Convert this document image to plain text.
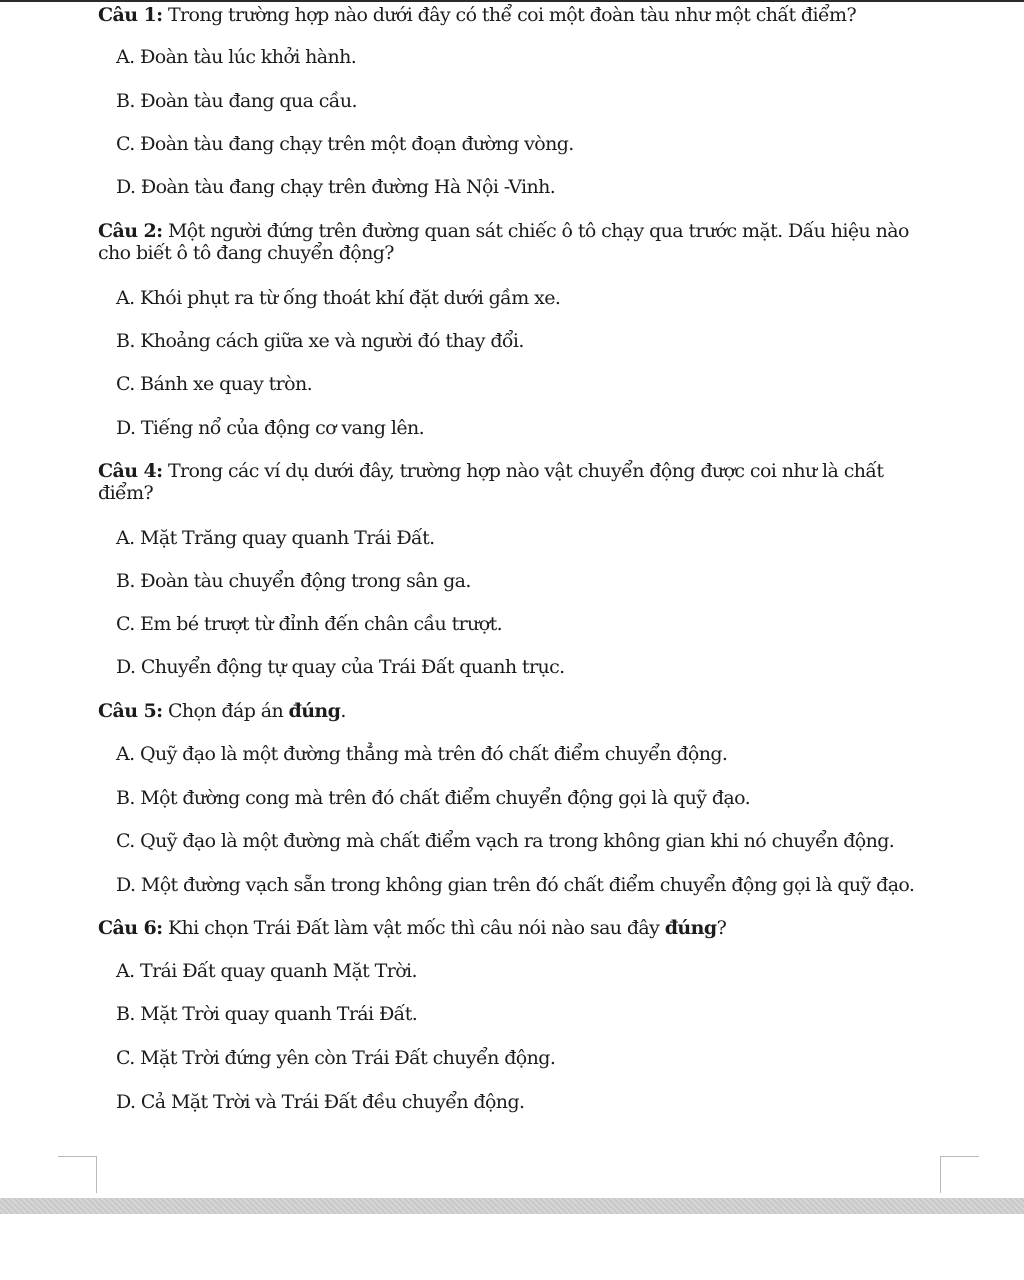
Câu 1: Trong trường hợp nào dưới đây có thể coi một đoàn tàu như một chất điểm?
A. Đoàn tàu lúc khởi hành.
B. Đoàn tàu đang qua cầu.
C. Đoàn tàu đang chạy trên một đoạn đường vòng.
D. Đoàn tàu đang chạy trên đường Hà Nội -Vinh.
Câu 2: Một người đứng trên đường quan sát chiếc ô tô chạy qua trước mặt. Dấu hiệu nào cho biết ô tô đang chuyển động?
A. Khói phụt ra từ ống thoát khí đặt dưới gầm xe.
B. Khoảng cách giữa xe và người đó thay đổi.
C. Bánh xe quay tròn.
D. Tiếng nổ của động cơ vang lên.
Câu 4: Trong các ví dụ dưới đây, trường hợp nào vật chuyển động được coi như là chất điểm?
A. Mặt Trăng quay quanh Trái Đất.
B. Đoàn tàu chuyển động trong sân ga.
C. Em bé trượt từ đỉnh đến chân cầu trượt.
D. Chuyển động tự quay của Trái Đất quanh trục.
Câu 5: Chọn đáp án đúng.
A. Quỹ đạo là một đường thẳng mà trên đó chất điểm chuyển động.
B. Một đường cong mà trên đó chất điểm chuyển động gọi là quỹ đạo.
C. Quỹ đạo là một đường mà chất điểm vạch ra trong không gian khi nó chuyển động.
D. Một đường vạch sẵn trong không gian trên đó chất điểm chuyển động gọi là quỹ đạo.
Câu 6: Khi chọn Trái Đất làm vật mốc thì câu nói nào sau đây đúng?
A. Trái Đất quay quanh Mặt Trời.
B. Mặt Trời quay quanh Trái Đất.
C. Mặt Trời đứng yên còn Trái Đất chuyển động.
D. Cả Mặt Trời và Trái Đất đều chuyển động.
